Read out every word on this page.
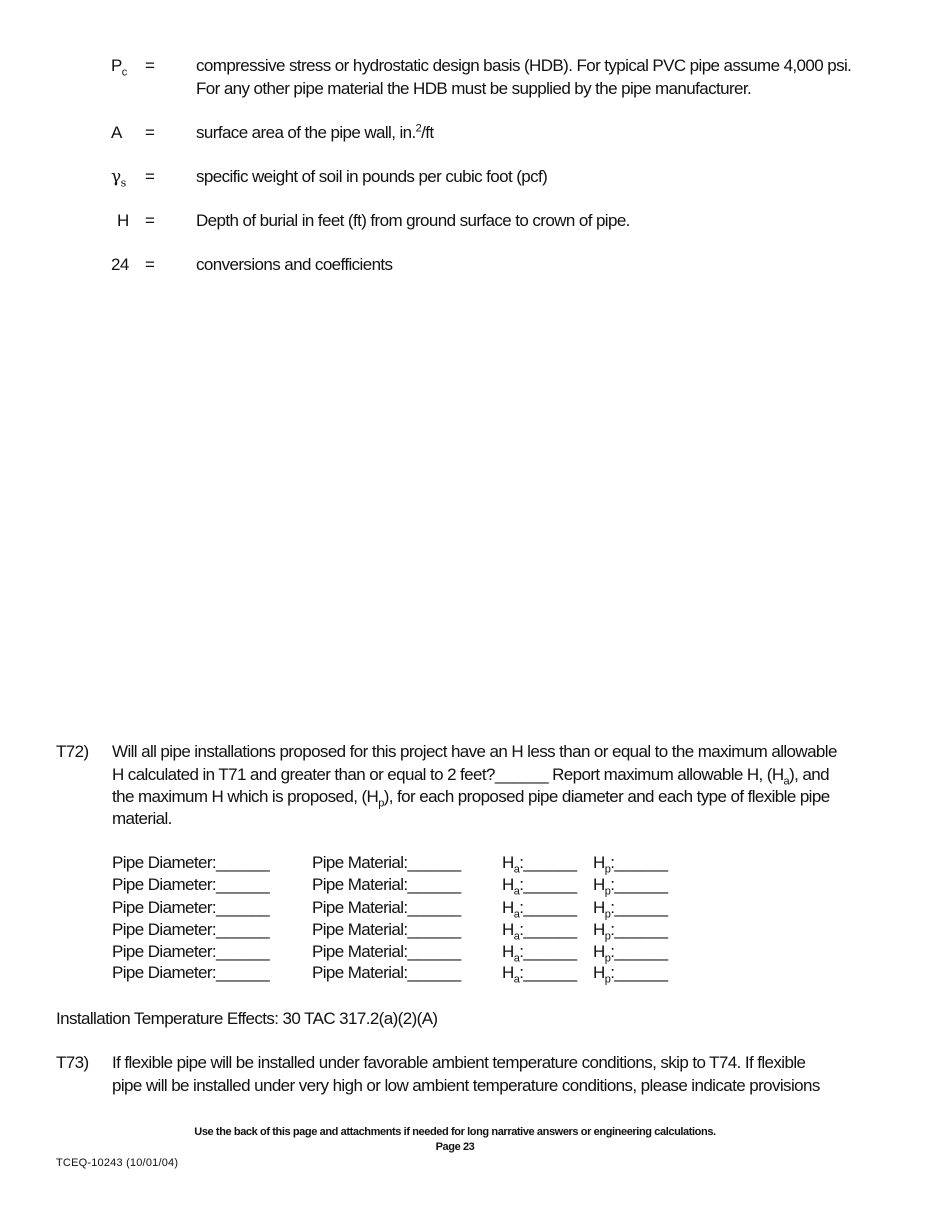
$P_c$	= compressive stress or hydrostatic design basis (HDB). For typical PVC pipe assume 4,000 psi.
For any other pipe material the HDB must be supplied by the pipe manufacturer.
A	= surface area of the pipe wall, in.$^2$/ft
$\gamma_s$	= specific weight of soil in pounds per cubic foot (pcf)
H = Depth of burial in feet (ft) from ground surface to crown of pipe.
24 = conversions and coefficients
T72) Will all pipe installations proposed for this project have an H less than or equal to the maximum allowable
H calculated in T71 and greater than or equal to 2 feet?______ Report maximum allowable H, $(H_a)$, and
the maximum H which is proposed, $(H_p)$, for each proposed pipe diameter and each type of flexible pipe
material.
Pipe Diameter:______	Pipe Material:______ $H_a:\_\_\_\_\_\_$ $H_p:\_\_\_\_\_\_$
Pipe Diameter:______	Pipe Material:______ $H_a:\_\_\_\_\_\_$ $H_p:\_\_\_\_\_\_$
Pipe Diameter:______	Pipe Material:______ $H_a:\_\_\_\_\_\_$ $H_p:\_\_\_\_\_\_$
Pipe Diameter:______	Pipe Material:______ $H_a:\_\_\_\_\_\_$ $H_p:\_\_\_\_\_\_$
Pipe Diameter:______	Pipe Material:______ $H_a:\_\_\_\_\_\_$ $H_p:\_\_\_\_\_\_$
Pipe Diameter:______	Pipe Material:______ $H_a:\_\_\_\_\_\_$ $H_p:\_\_\_\_\_\_$
Installation Temperature Effects: 30 TAC 317.2(a)(2)(A)
T73) If flexible pipe will be installed under favorable ambient temperature conditions, skip to T74. If flexible
pipe will be installed under very high or low ambient temperature conditions, please indicate provisions
Use the back of this page and attachments if needed for long narrative answers or engineering calculations.
Page 23
TCEQ-10243 (10/01/04)
